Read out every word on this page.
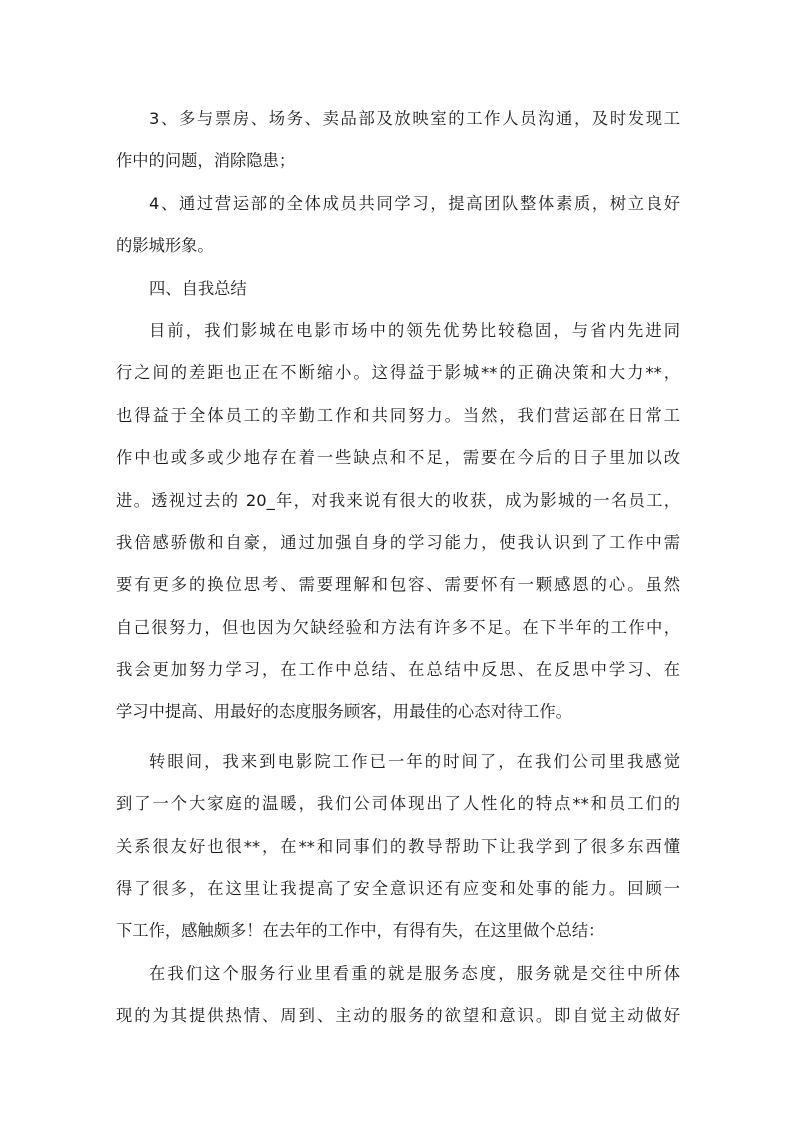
3、多与票房、场务、卖品部及放映室的工作人员沟通，及时发现工
作中的问题，消除隐患；
4、通过营运部的全体成员共同学习，提高团队整体素质，树立良好
的影城形象。
四、自我总结
目前，我们影城在电影市场中的领先优势比较稳固，与省内先进同
行之间的差距也正在不断缩小。这得益于影城**的正确决策和大力**，
也得益于全体员工的辛勤工作和共同努力。当然，我们营运部在日常工
作中也或多或少地存在着一些缺点和不足，需要在今后的日子里加以改
进。透视过去的 20_年，对我来说有很大的收获，成为影城的一名员工，
我倍感骄傲和自豪，通过加强自身的学习能力，使我认识到了工作中需
要有更多的换位思考、需要理解和包容、需要怀有一颗感恩的心。虽然
自己很努力，但也因为欠缺经验和方法有许多不足。在下半年的工作中，
我会更加努力学习，在工作中总结、在总结中反思、在反思中学习、在
学习中提高、用最好的态度服务顾客，用最佳的心态对待工作。
转眼间，我来到电影院工作已一年的时间了，在我们公司里我感觉
到了一个大家庭的温暖，我们公司体现出了人性化的特点**和员工们的
关系很友好也很**，在**和同事们的教导帮助下让我学到了很多东西懂
得了很多，在这里让我提高了安全意识还有应变和处事的能力。回顾一
下工作，感触颇多！在去年的工作中，有得有失，在这里做个总结：
在我们这个服务行业里看重的就是服务态度，服务就是交往中所体
现的为其提供热情、周到、主动的服务的欲望和意识。即自觉主动做好
